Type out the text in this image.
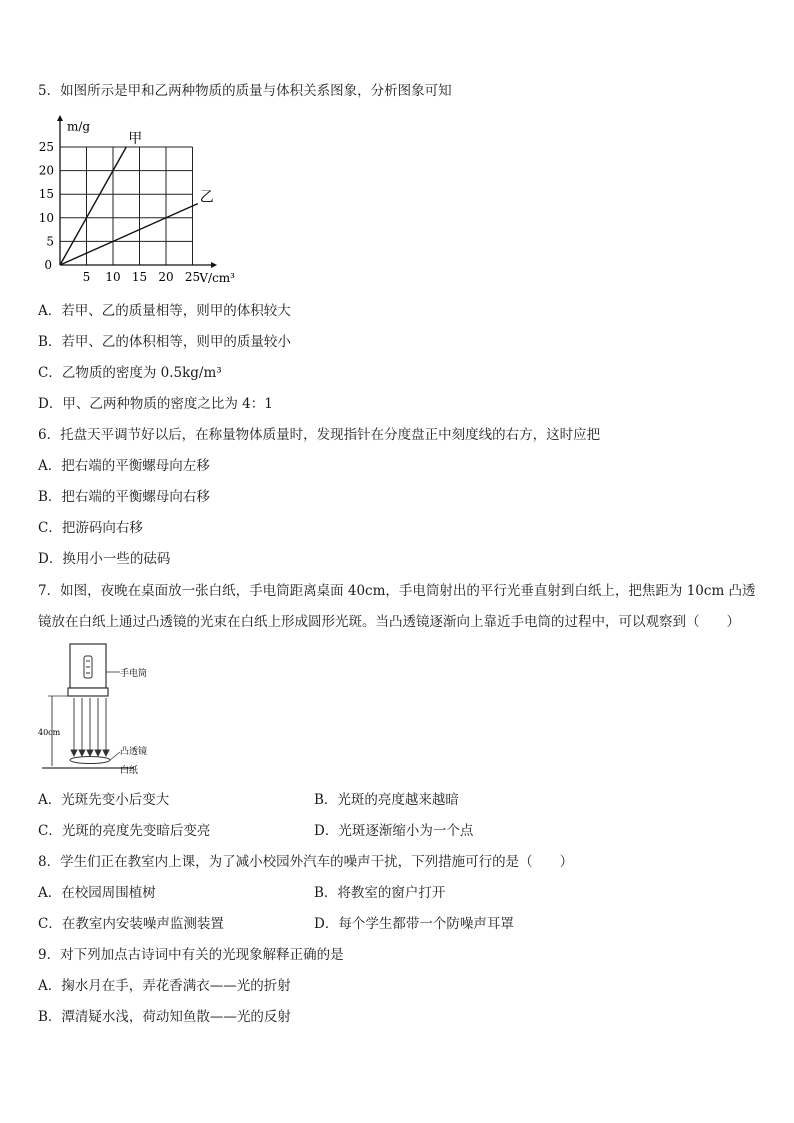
5．如图所示是甲和乙两种物质的质量与体积关系图象，分析图象可知
5 10 15 20 25
5
10
15
20
25
0
m/g
V/cm³
甲
乙
A．若甲、乙的质量相等，则甲的体积较大
B．若甲、乙的体积相等，则甲的质量较小
C．乙物质的密度为 0.5kg/m³
D．甲、乙两种物质的密度之比为 4：1
6．托盘天平调节好以后，在称量物体质量时，发现指针在分度盘正中刻度线的右方，这时应把
A．把右端的平衡螺母向左移
B．把右端的平衡螺母向右移
C．把游码向右移
D．换用小一些的砝码
7．如图，夜晚在桌面放一张白纸，手电筒距离桌面 40cm，手电筒射出的平行光垂直射到白纸上，把焦距为 10cm 凸透镜放在白纸上通过凸透镜的光束在白纸上形成圆形光斑。当凸透镜逐渐向上靠近手电筒的过程中，可以观察到（　　）
手电筒
40cm
凸透镜
白纸
A．光斑先变小后变大	B．光斑的亮度越来越暗
C．光斑的亮度先变暗后变亮	D．光斑逐渐缩小为一个点
8．学生们正在教室内上课，为了减小校园外汽车的噪声干扰，下列措施可行的是（　　）
A．在校园周围植树	B．将教室的窗户打开
C．在教室内安装噪声监测装置	D．每个学生都带一个防噪声耳罩
9．对下列加点古诗词中有关的光现象解释正确的是
A．掬水月在手，弄花香满衣——光的折射
B．潭清疑水浅，荷动知鱼散——光的反射
